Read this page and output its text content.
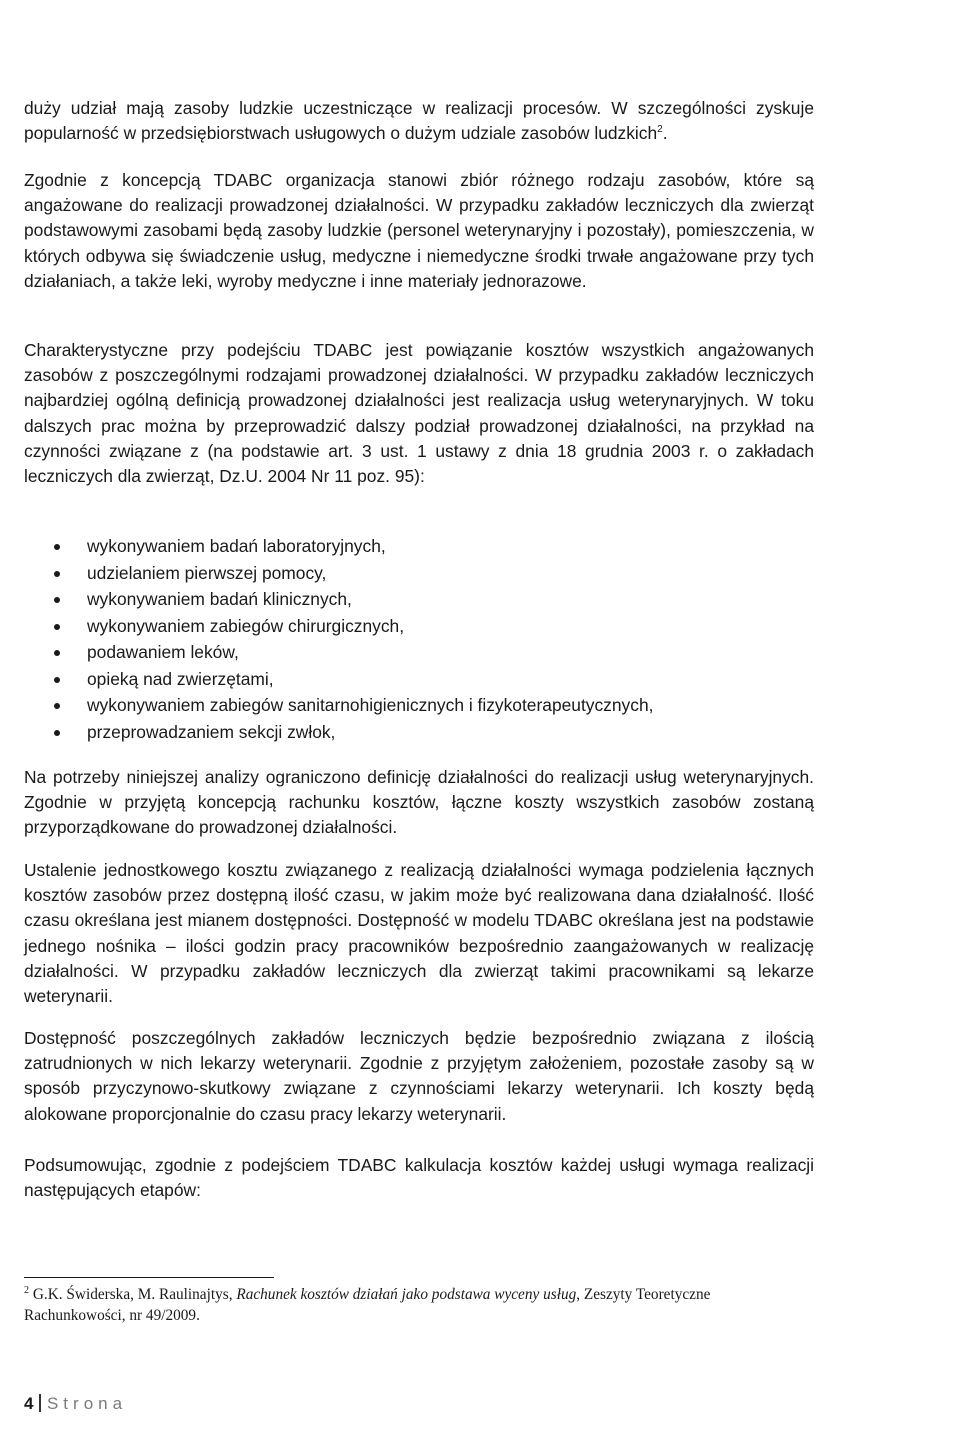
duży udział mają zasoby ludzkie uczestniczące w realizacji procesów. W szczególności zyskuje popularność w przedsiębiorstwach usługowych o dużym udziale zasobów ludzkich$^2$.

Zgodnie z koncepcją TDABC organizacja stanowi zbiór różnego rodzaju zasobów, które są angażowane do realizacji prowadzonej działalności. W przypadku zakładów leczniczych dla zwierząt podstawowymi zasobami będą zasoby ludzkie (personel weterynaryjny i pozostały), pomieszczenia, w których odbywa się świadczenie usług, medyczne i niemedyczne środki trwałe angażowane przy tych działaniach, a także leki, wyroby medyczne i inne materiały jednorazowe.

Charakterystyczne przy podejściu TDABC jest powiązanie kosztów wszystkich angażowanych zasobów z poszczególnymi rodzajami prowadzonej działalności. W przypadku zakładów leczniczych najbardziej ogólną definicją prowadzonej działalności jest realizacja usług weterynaryjnych. W toku dalszych prac można by przeprowadzić dalszy podział prowadzonej działalności, na przykład na czynności związane z (na podstawie art. 3 ust. 1 ustawy z dnia 18 grudnia 2003 r. o zakładach leczniczych dla zwierząt, Dz.U. 2004 Nr 11 poz. 95):

wykonywaniem badań laboratoryjnych,
udzielaniem pierwszej pomocy,
wykonywaniem badań klinicznych,
wykonywaniem zabiegów chirurgicznych,
podawaniem leków,
opieką nad zwierzętami,
wykonywaniem zabiegów sanitarnohigienicznych i fizykoterapeutycznych,
przeprowadzaniem sekcji zwłok,

Na potrzeby niniejszej analizy ograniczono definicję działalności do realizacji usług weterynaryjnych. Zgodnie w przyjętą koncepcją rachunku kosztów, łączne koszty wszystkich zasobów zostaną przyporządkowane do prowadzonej działalności.

Ustalenie jednostkowego kosztu związanego z realizacją działalności wymaga podzielenia łącznych kosztów zasobów przez dostępną ilość czasu, w jakim może być realizowana dana działalność. Ilość czasu określana jest mianem dostępności. Dostępność w modelu TDABC określana jest na podstawie jednego nośnika – ilości godzin pracy pracowników bezpośrednio zaangażowanych w realizację działalności. W przypadku zakładów leczniczych dla zwierząt takimi pracownikami są lekarze weterynarii.

Dostępność poszczególnych zakładów leczniczych będzie bezpośrednio związana z ilością zatrudnionych w nich lekarzy weterynarii. Zgodnie z przyjętym założeniem, pozostałe zasoby są w sposób przyczynowo-skutkowy związane z czynnościami lekarzy weterynarii. Ich koszty będą alokowane proporcjonalnie do czasu pracy lekarzy weterynarii.

Podsumowując, zgodnie z podejściem TDABC kalkulacja kosztów każdej usługi wymaga realizacji następujących etapów:

$^2$ G.K. Świderska, M. Raulinajtys, Rachunek kosztów działań jako podstawa wyceny usług, Zeszyty Teoretyczne Rachunkowości, nr 49/2009.

4 Strona
